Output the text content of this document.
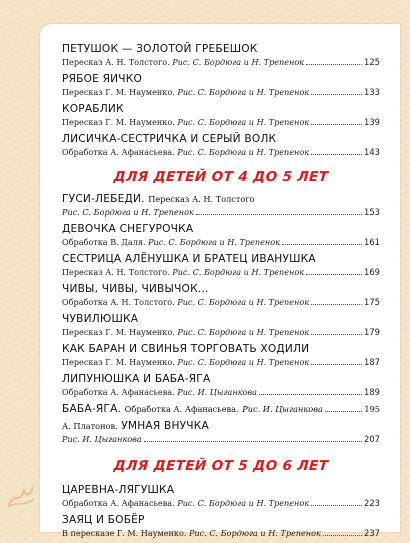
ПЕТУШОК — ЗОЛОТОЙ ГРЕБЕШОК
Пересказ А. Н. Толстого. Рис. С. Бордюга и Н. Трепенок	125
РЯБОЕ ЯИЧКО
Пересказ Г. М. Науменко. Рис. С. Бордюга и Н. Трепенок	133
КОРАБЛИК
Пересказ Г. М. Науменко. Рис. С. Бордюга и Н. Трепенок	139
ЛИСИЧКА-СЕСТРИЧКА И СЕРЫЙ ВОЛК
Обработка А. Афанасьева. Рис. С. Бордюга и Н. Трепенок	143
ДЛЯ ДЕТЕЙ ОТ 4 ДО 5 ЛЕТ
ГУСИ-ЛЕБЕДИ. Пересказ А. Н. Толстого
Рис. С. Бордюга и Н. Трепенок	153
ДЕВОЧКА СНЕГУРОЧКА
Обработка В. Даля. Рис. С. Бордюга и Н. Трепенок	161
СЕСТРИЦА АЛЁНУШКА И БРАТЕЦ ИВАНУШКА
Пересказ А. Н. Толстого. Рис. С. Бордюга и Н. Трепенок	169
ЧИВЫ, ЧИВЫ, ЧИВЫЧОК...
Обработка А. Н. Толстого. Рис. С. Бордюга и Н. Трепенок	175
ЧУВИЛЮШКА
Пересказ Г. М. Науменко. Рис. С. Бордюга и Н. Трепенок	179
КАК БАРАН И СВИНЬЯ ТОРГОВАТЬ ХОДИЛИ
Пересказ Г. М. Науменко. Рис. С. Бордюга и Н. Трепенок	187
ЛИПУНЮШКА И БАБА-ЯГА
Обработка А. Афанасьева. Рис. И. Цыганкова	189
БАБА-ЯГА.
Обработка А. Афанасьева.
Рис. И. Цыганкова	195
А. Платонов. УМНАЯ ВНУЧКА
Рис. И. Цыганкова	207
ДЛЯ ДЕТЕЙ ОТ 5 ДО 6 ЛЕТ
ЦАРЕВНА-ЛЯГУШКА
Обработка А. Афанасьева. Рис. С. Бордюга и Н. Трепенок	223
ЗАЯЦ И БОБЁР
В пересказе Г. М. Науменко. Рис. С. Бордюга и Н. Трепенок	237
